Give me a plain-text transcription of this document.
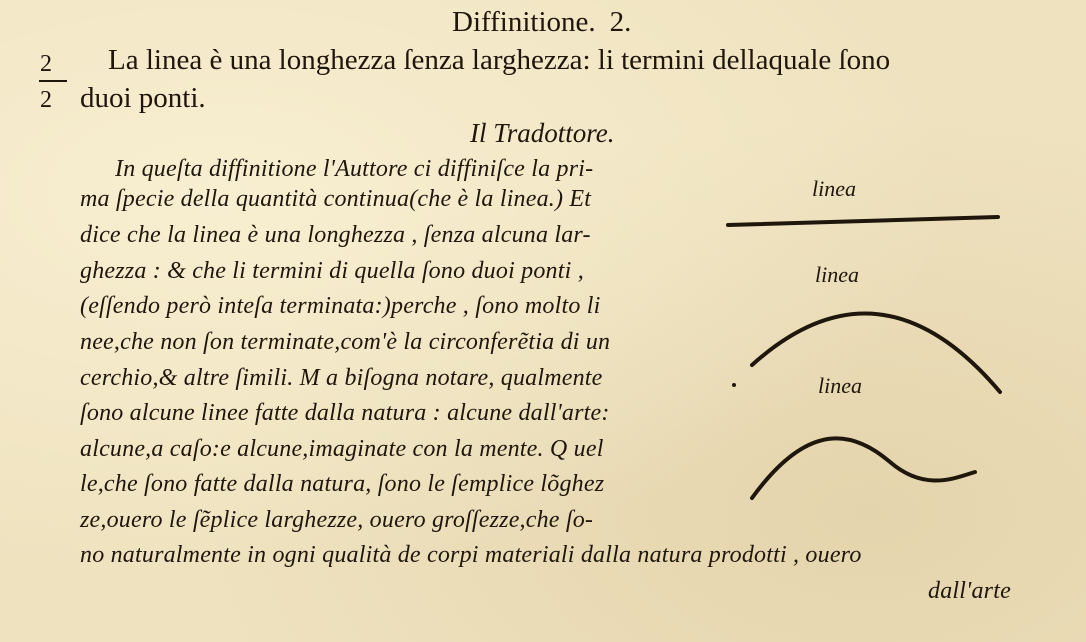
Diffinitione. 2.
2
2
La linea è una longhezza ſenza larghezza: li termini dellaquale ſono
duoi ponti.
Il Tradottore.
In queſta diffinitione l'Auttore ci diffiniſce la pri-
ma ſpecie della quantità continua(che è la linea.) Et
dice che la linea è una longhezza , ſenza alcuna lar-
ghezza : & che li termini di quella ſono duoi ponti ,
(eſſendo però inteſa terminata:)perche , ſono molto li
nee,che non ſon terminate,com'è la circonferẽtia di un
cerchio,& altre ſimili. M a biſogna notare, qualmente
ſono alcune linee fatte dalla natura : alcune dall'arte:
alcune,a caſo:e alcune,imaginate con la mente. Q uel
le,che ſono fatte dalla natura, ſono le ſemplice lõghez
ze,ouero le ſẽplice larghezze, ouero groſſezze,che ſo-
no naturalmente in ogni qualità de corpi materiali dalla natura prodotti , ouero
dall'arte
linea
linea
linea
